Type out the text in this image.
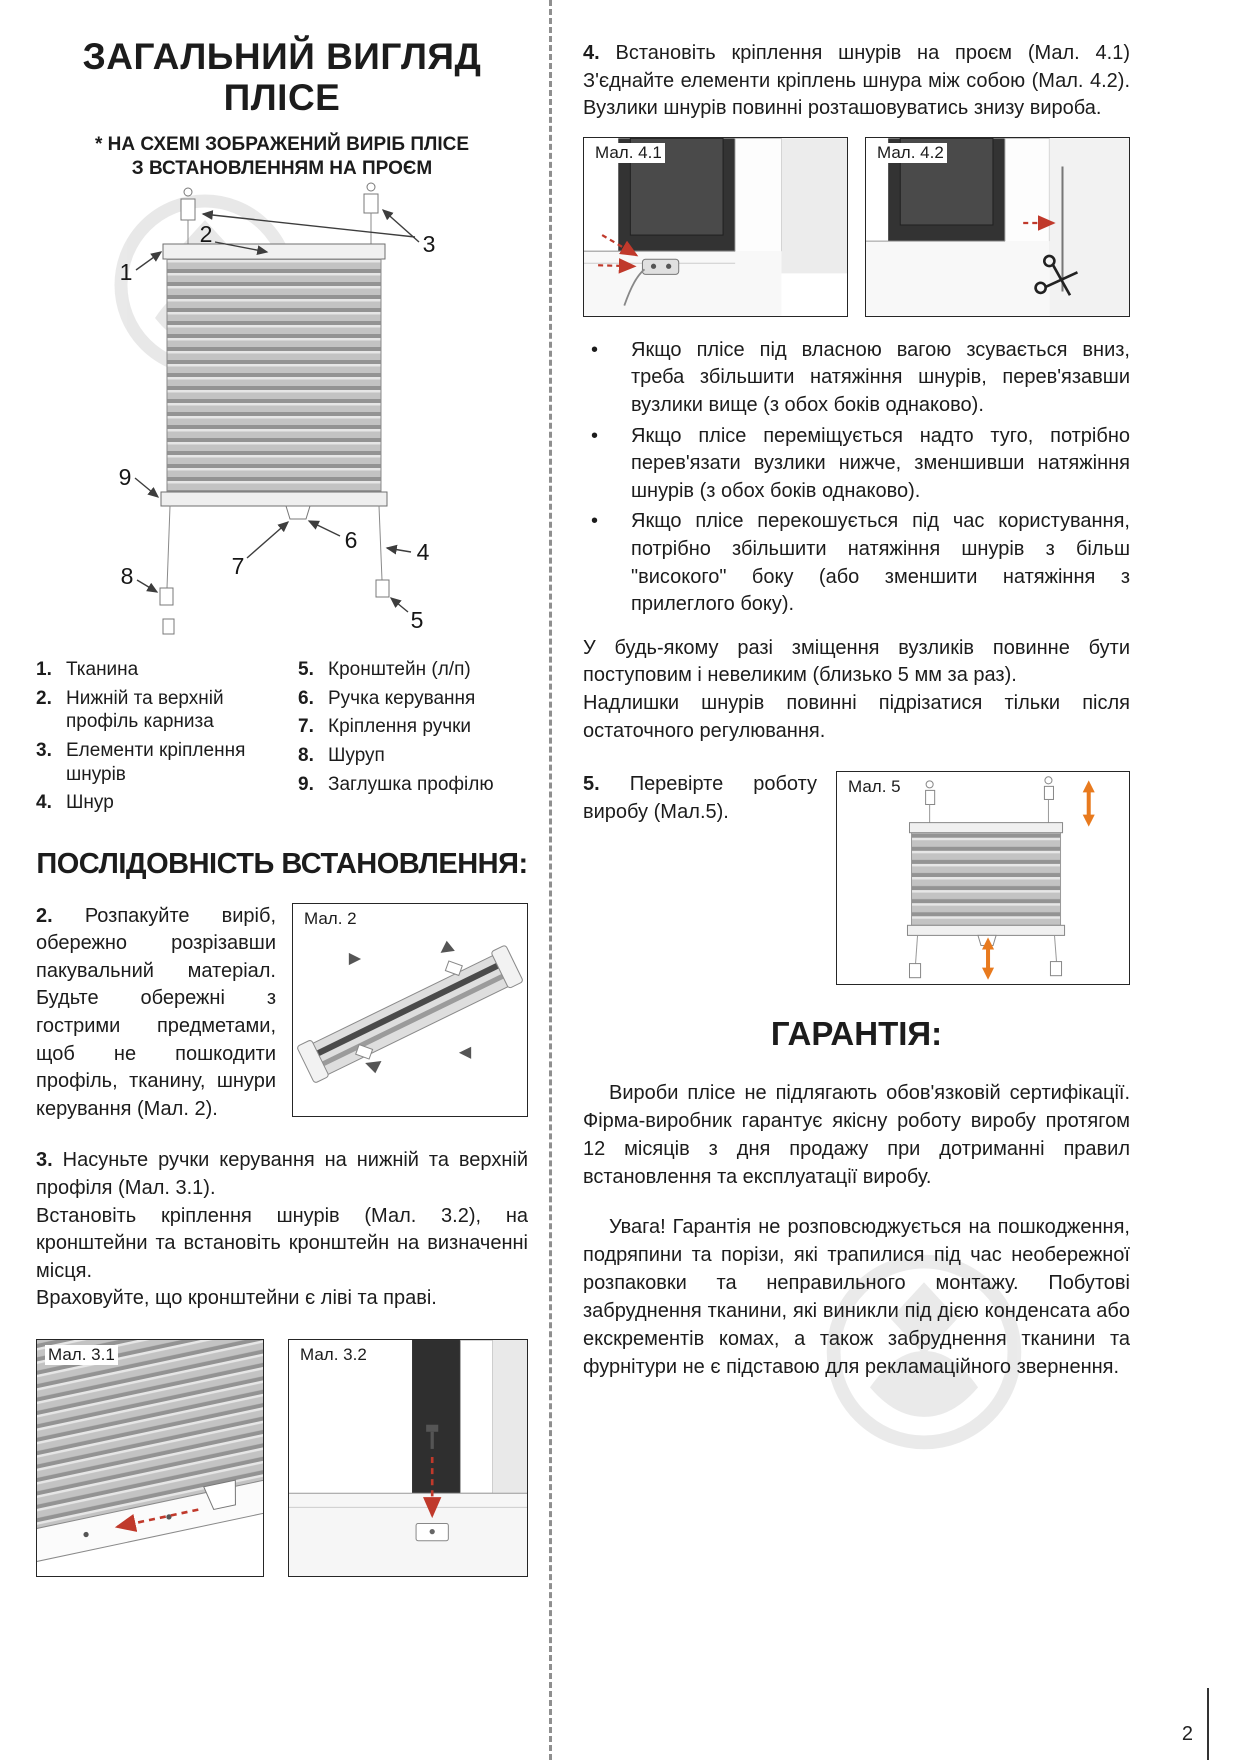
ЗАГАЛЬНИЙ ВИГЛЯД
ПЛІСЕ
* НА СХЕМІ ЗОБРАЖЕНИЙ ВИРІБ ПЛІСЕ
З ВСТАНОВЛЕННЯМ НА ПРОЄМ
1
2	3
4
5
6
7
8
9
1. Тканина
2. Нижній та верхній профіль карниза
3. Елементи кріплення шнурів
4. Шнур
5. Кронштейн (л/п)
6. Ручка керування
7. Кріплення ручки
8. Шуруп
9. Заглушка профілю
ПОСЛІДОВНІСТЬ ВСТАНОВЛЕННЯ:

2. Розпакуйте виріб, обережно розрізавши пакувальний матеріал. Будьте обережні з гострими предметами, щоб не пошкодити профіль, тканину, шнури керування (Мал. 2).

Мал. 2

3. Насуньте ручки керування на нижній та верхній профіля (Мал. 3.1).
Встановіть кріплення шнурів (Мал. 3.2), на кронштейни та встановіть кронштейн на визначенні місця.
Враховуйте, що кронштейни є ліві та праві.

Мал. 3.1	Мал. 3.2

4. Встановіть кріплення шнурів на проєм (Мал. 4.1) З'єднайте елементи кріплень шнура між собою (Мал. 4.2). Вузлики шнурів повинні розташовуватись знизу вироба.

Мал. 4.1	Мал. 4.2
• Якщо плісе під власною вагою зсувається вниз, треба збільшити натяжіння шнурів, перев'язавши вузлики вище (з обох боків однаково).
• Якщо плісе переміщується надто туго, потрібно перев'язати вузлики нижче, зменшивши натяжіння шнурів (з обох боків однаково).
• Якщо плісе перекошується під час користування, потрібно збільшити натяжіння шнурів з більш "високого" боку (або зменшити натяжіння з прилеглого боку).

У будь-якому разі зміщення вузликів повинне бути поступовим і невеликим (близько 5 мм за раз).
Надлишки шнурів повинні підрізатися тільки після остаточного регулювання.

5. Перевірте роботу виробу (Мал.5).

Мал. 5
ГАРАНТІЯ:

Вироби плісе не підлягають обов'язковій сертифікації. Фірма-виробник гарантує якісну роботу виробу протягом 12 місяців з дня продажу при дотриманні правил встановлення та експлуатації виробу.

Увага! Гарантія не розповсюджується на пошкодження, подряпини та порізи, які трапилися під час необережної розпаковки та неправильного монтажу. Побутові забруднення тканини, які виникли під дією конденсата або екскрементів комах, а також забруднення тканини та фурнітури не є підставою для рекламаційного звернення.

2
